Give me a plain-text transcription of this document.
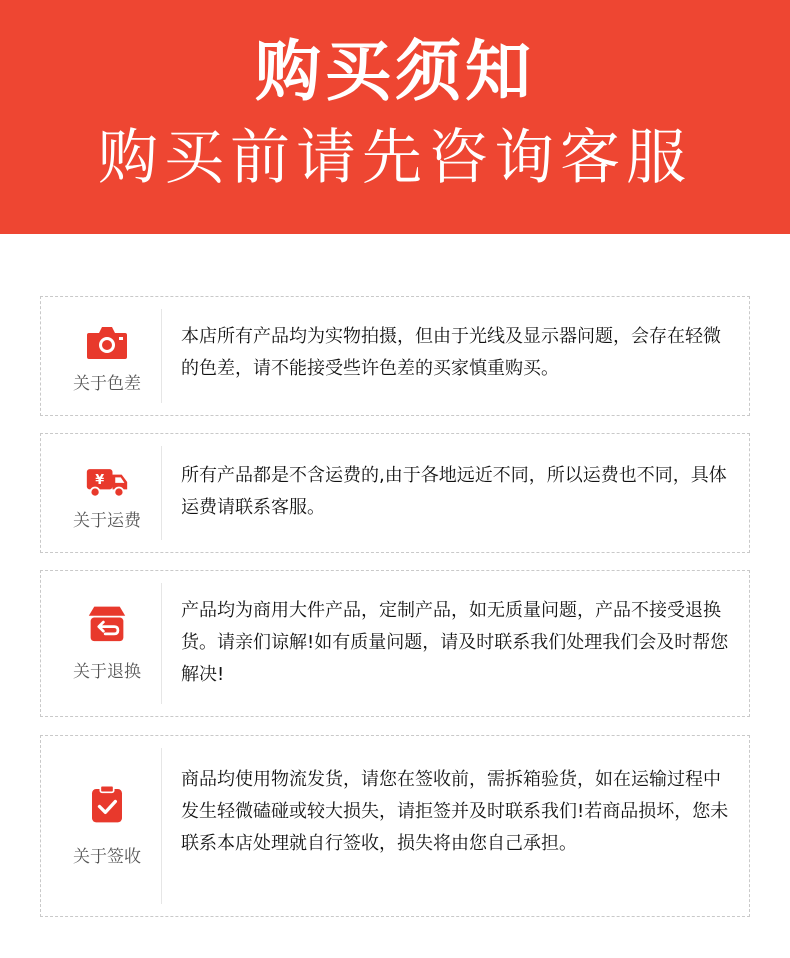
购买须知
购买前请先咨询客服
关于色差
本店所有产品均为实物拍摄，但由于光线及显示器问题，会存在轻微的色差，请不能接受些许色差的买家慎重购买。
¥
关于运费
所有产品都是不含运费的,由于各地远近不同，所以运费也不同，具体运费请联系客服。
关于退换
产品均为商用大件产品，定制产品，如无质量问题，产品不接受退换货。请亲们谅解!如有质量问题，请及时联系我们处理我们会及时帮您解决!
关于签收
商品均使用物流发货，请您在签收前，需拆箱验货，如在运输过程中发生轻微磕碰或较大损失，请拒签并及时联系我们!若商品损坏，您未联系本店处理就自行签收，损失将由您自己承担。
